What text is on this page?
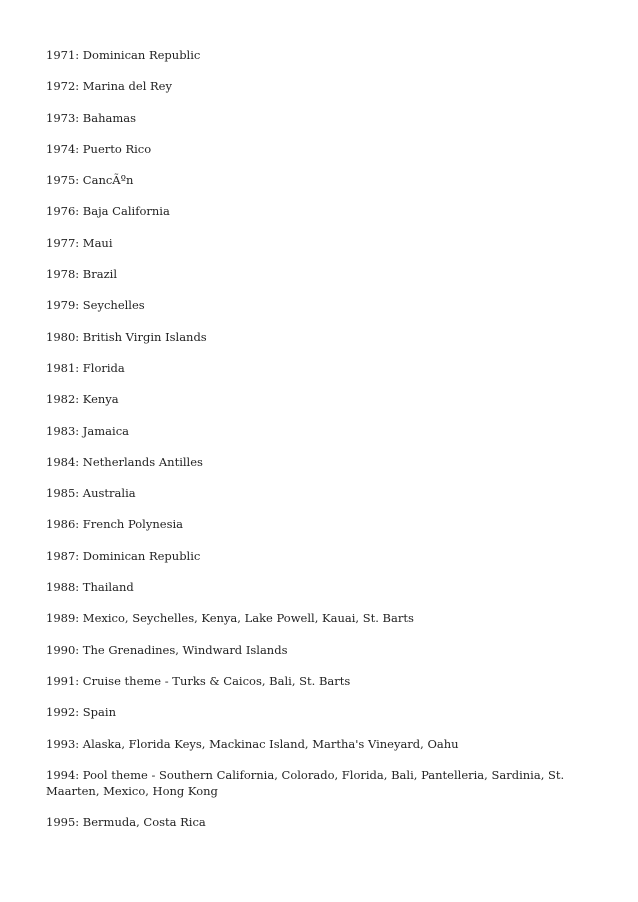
1971: Dominican Republic
1972: Marina del Rey
1973: Bahamas
1974: Puerto Rico
1975: CancÃºn
1976: Baja California
1977: Maui
1978: Brazil
1979: Seychelles
1980: British Virgin Islands
1981: Florida
1982: Kenya
1983: Jamaica
1984: Netherlands Antilles
1985: Australia
1986: French Polynesia
1987: Dominican Republic
1988: Thailand
1989: Mexico, Seychelles, Kenya, Lake Powell, Kauai, St. Barts
1990: The Grenadines, Windward Islands
1991: Cruise theme - Turks & Caicos, Bali, St. Barts
1992: Spain
1993: Alaska, Florida Keys, Mackinac Island, Martha's Vineyard, Oahu
1994: Pool theme - Southern California, Colorado, Florida, Bali, Pantelleria, Sardinia, St. Maarten, Mexico, Hong Kong
1995: Bermuda, Costa Rica
